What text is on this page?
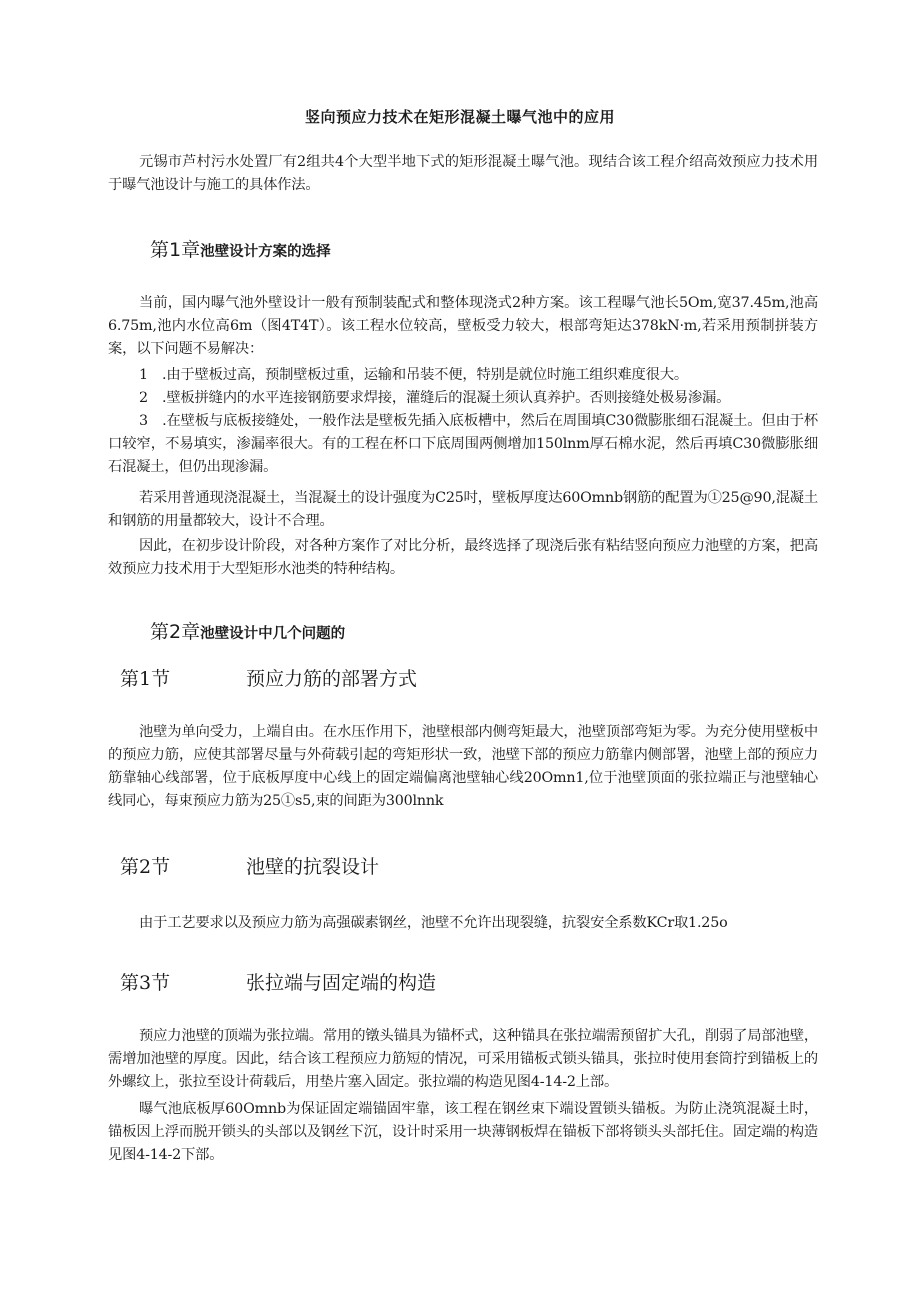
竖向预应力技术在矩形混凝土曝气池中的应用

元锡市芦村污水处置厂有2组共4个大型半地下式的矩形混凝土曝气池。现结合该工程介绍高效预应力技术用于曝气池设计与施工的具体作法。

第1章池壁设计方案的选择

当前，国内曝气池外壁设计一般有预制装配式和整体现浇式2种方案。该工程曝气池长5Om,宽37.45m,池高6.75m,池内水位高6m（图4T4T）。该工程水位较高，壁板受力较大，根部弯矩达378kN·m,若采用预制拼装方案，以下问题不易解决：

1　.由于壁板过高，预制壁板过重，运输和吊装不便，特别是就位时施工组织难度很大。

2　.壁板拼缝内的水平连接钢筋要求焊接，灌缝后的混凝土须认真养护。否则接缝处极易渗漏。

3　.在壁板与底板接缝处，一般作法是壁板先插入底板槽中，然后在周围填C30微膨胀细石混凝土。但由于杯口较窄，不易填实，渗漏率很大。有的工程在杯口下底周围两侧增加150lnm厚石棉水泥，然后再填C30微膨胀细石混凝土，但仍出现渗漏。

若采用普通现浇混凝土，当混凝土的设计强度为C25吋，壁板厚度达60Omnb钢筋的配置为①25@90,混凝土和钢筋的用量都较大，设计不合理。

因此，在初步设计阶段，对各种方案作了对比分析，最终选择了现浇后张有粘结竖向预应力池壁的方案，把高效预应力技术用于大型矩形水池类的特种结构。

第2章池壁设计中几个问题的
第1节	预应力筋的部署方式

池壁为单向受力，上端自由。在水压作用下，池壁根部内侧弯矩最大，池壁顶部弯矩为零。为充分使用壁板中的预应力筋，应使其部署尽量与外荷载引起的弯矩形状一致，池壁下部的预应力筋靠内侧部署，池壁上部的预应力筋靠轴心线部署，位于底板厚度中心线上的固定端偏离池壁轴心线20Omn1,位于池壁顶面的张拉端正与池壁轴心线同心，每束预应力筋为25①s5,束的间距为300lnnk

第2节	池壁的抗裂设计

由于工艺要求以及预应力筋为高强碳素钢丝，池壁不允许出现裂缝，抗裂安全系数KCr取1.25o

第3节	张拉端与固定端的构造

预应力池壁的顶端为张拉端。常用的镦头锚具为锚杯式，这种锚具在张拉端需预留扩大孔，削弱了局部池壁，需增加池壁的厚度。因此，结合该工程预应力筋短的情况，可采用锚板式锁头锚具，张拉时使用套筒拧到锚板上的外螺纹上，张拉至设计荷载后，用垫片塞入固定。张拉端的构造见图4-14-2上部。

曝气池底板厚60Omnb为保证固定端锚固牢靠，该工程在钢丝束下端设置锁头锚板。为防止浇筑混凝土时，锚板因上浮而脱开锁头的头部以及钢丝下沉，设计时采用一块薄钢板焊在锚板下部将锁头头部托住。固定端的构造见图4-14-2下部。
